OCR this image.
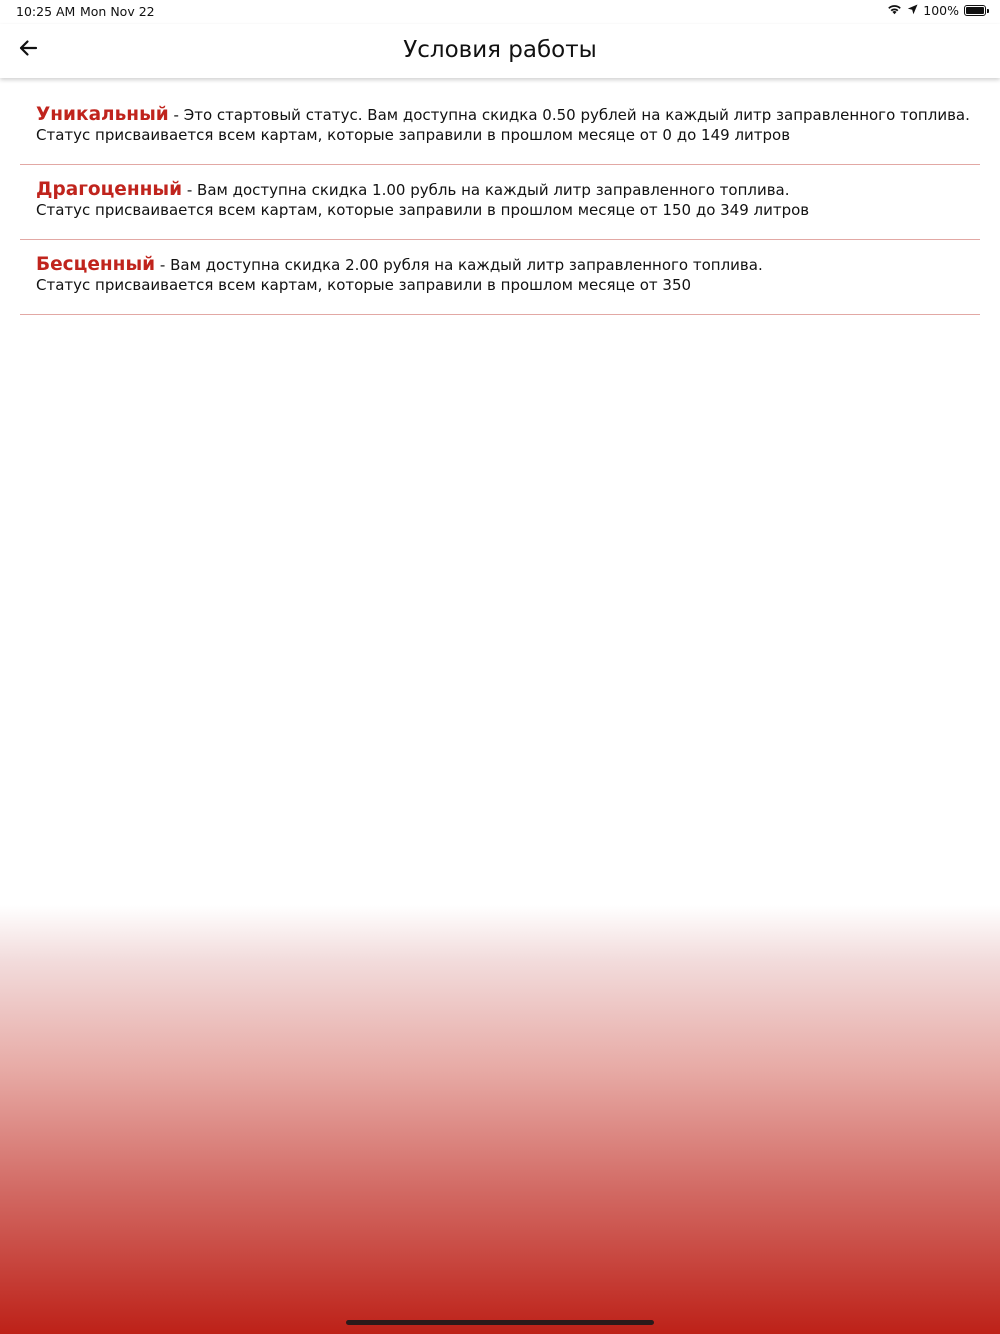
10:25 AM Mon Nov 22	100%
Условия работы
Уникальный - Это стартовый статус. Вам доступна скидка 0.50 рублей на каждый литр заправленного топлива.
Статус присваивается всем картам, которые заправили в прошлом месяце от 0 до 149 литров
Драгоценный - Вам доступна скидка 1.00 рубль на каждый литр заправленного топлива.
Статус присваивается всем картам, которые заправили в прошлом месяце от 150 до 349 литров
Бесценный - Вам доступна скидка 2.00 рубля на каждый литр заправленного топлива.
Статус присваивается всем картам, которые заправили в прошлом месяце от 350
